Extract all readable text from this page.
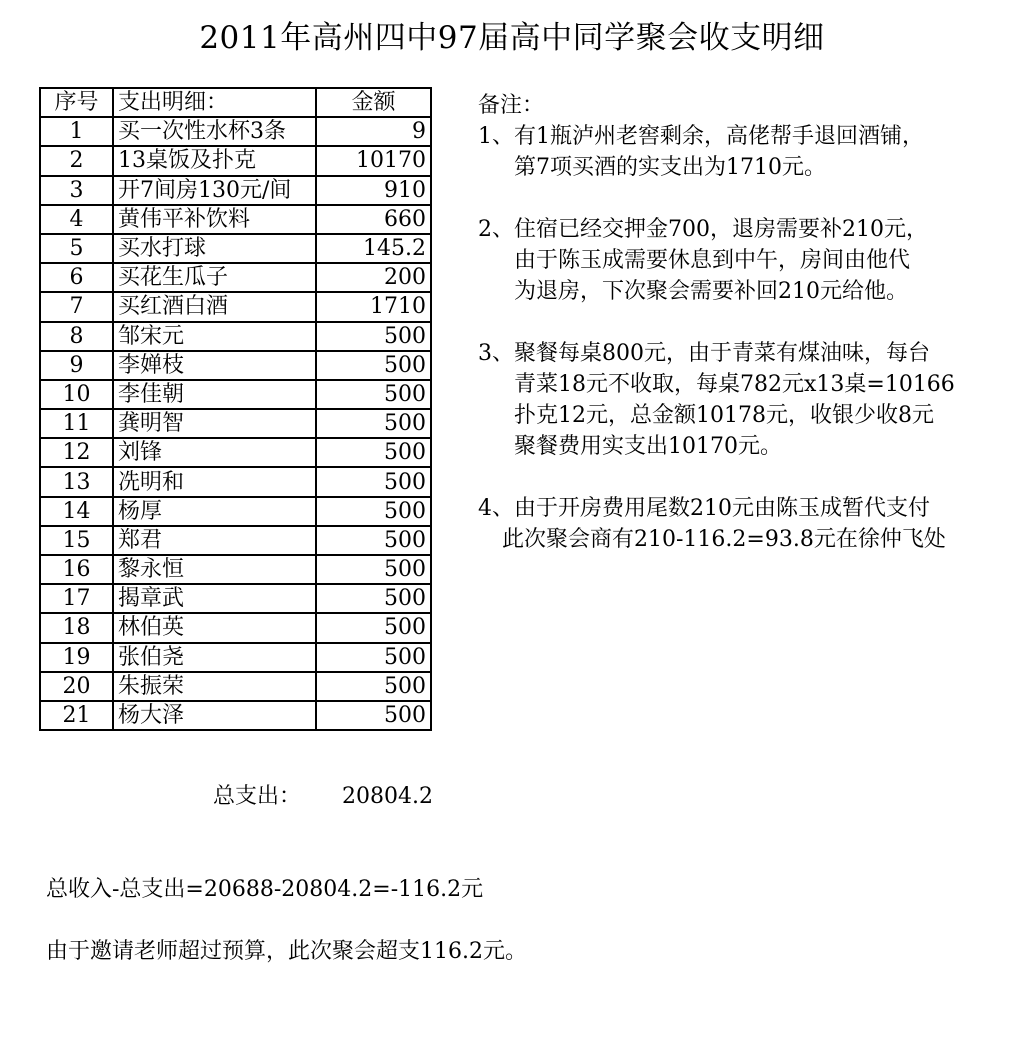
2011年高州四中97届高中同学聚会收支明细
序号	支出明细：	金额
1	买一次性水杯3条	9
2	13桌饭及扑克	10170
3	开7间房130元/间	910
4	黄伟平补饮料	660
5	买水打球	145.2
6	买花生瓜子	200
7	买红酒白酒	1710
8	邹宋元	500
9	李婵枝	500
10	李佳朝	500
11	龚明智	500
12	刘锋	500
13	冼明和	500
14	杨厚	500
15	郑君	500
16	黎永恒	500
17	揭章武	500
18	林伯英	500
19	张伯尧	500
20	朱振荣	500
21	杨大泽	500
总支出：	20804.2
备注：
1、有1瓶泸州老窖剩余，高佬帮手退回酒铺，
第7项买酒的实支出为1710元。
2、住宿已经交押金700，退房需要补210元，
由于陈玉成需要休息到中午，房间由他代
为退房，下次聚会需要补回210元给他。
3、聚餐每桌800元，由于青菜有煤油味，每台
青菜18元不收取，每桌782元x13桌=10166
扑克12元，总金额10178元，收银少收8元
聚餐费用实支出10170元。
4、由于开房费用尾数210元由陈玉成暂代支付
此次聚会商有210-116.2=93.8元在徐仲飞处
总收入-总支出=20688-20804.2=-116.2元
由于邀请老师超过预算，此次聚会超支116.2元。
